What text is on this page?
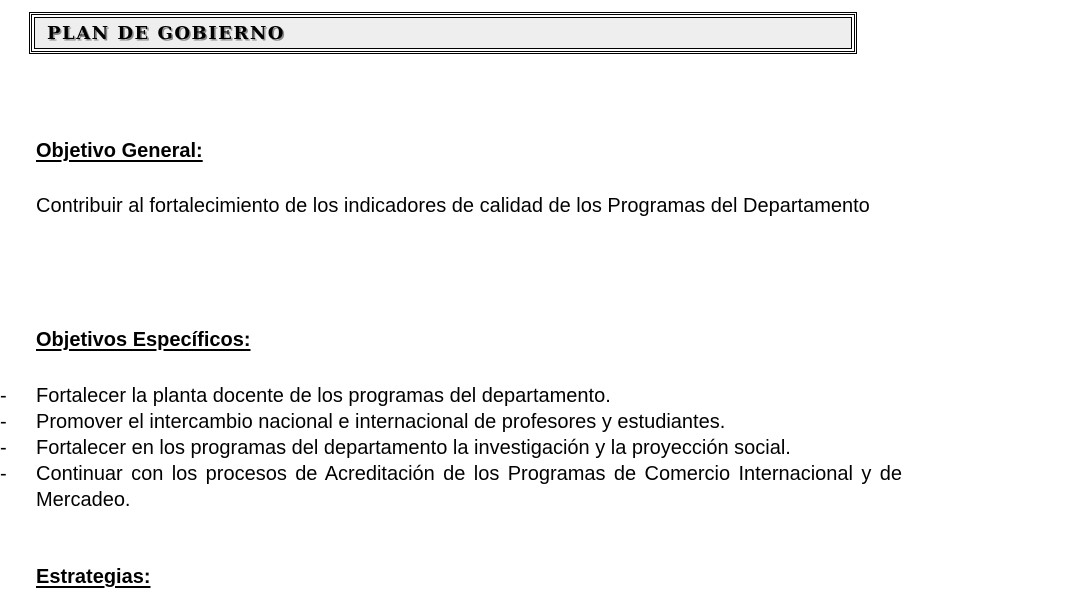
PLAN DE GOBIERNO
Objetivo General:

Contribuir al fortalecimiento de los indicadores de calidad de los Programas del Departamento

Objetivos Específicos:
- Fortalecer la planta docente de los programas del departamento.
- Promover el intercambio nacional e internacional de profesores y estudiantes.
- Fortalecer en los programas del departamento la investigación y la proyección social.
- Continuar con los procesos de Acreditación de los Programas de Comercio Internacional y de Mercadeo.
Estrategias:
